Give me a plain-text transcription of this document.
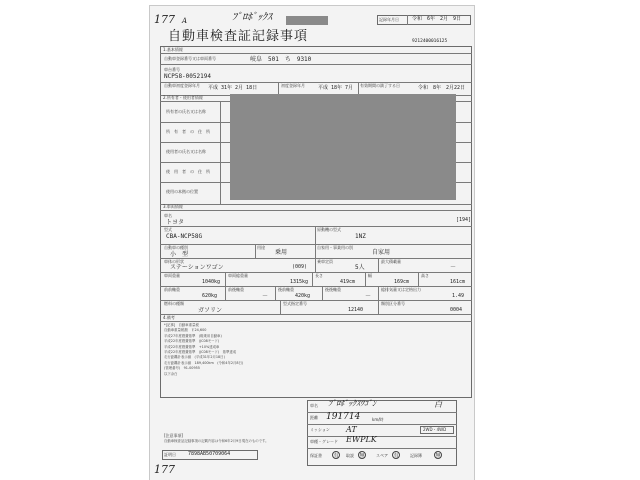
177 A	ﾌﾟﾛﾎﾞｯｸｽ	記録年月日	令和　6年　2月　9日
自動車検査証記録事項	9212400016125
1.基本情報
自動車登録番号又は車両番号	岐阜　501　ち　9310
車台番号
NCP58-0052194
自動車初度登録年月 平成 31年 2月 18日	初度登録年月	平成 18年 7月 有効期間の満了する日	令和　8年　2月22日
2.所有者・使用者情報
所有者の氏名又は名称
所　有　者　の　住　所
使用者の氏名又は名称
使　用　者　の　住　所
使用の本拠の位置
3.車両情報
車名
トヨタ	[194]
原動機の型式
1NZ
型式
CBA-NCP58G
自動車の種別
小　型
用途
乗用
自家用・事業用の別
自家用
車体の形状
ステーションワゴン	(009)
乗車定員
5人
最大積載量
－
車両重量
1040kg
車両総重量
1315kg
長さ
419cm
幅
169cm
高さ
161cm
前前軸重
620kg
前後軸重
－
後前軸重
420kg
後後軸重
－
総排気量又は定格出力
1.49
燃料の種類
ガソリン
型式指定番号
12140
類別区分番号
0004
4.備考
*[記事]　自動車重量税
自動車重量税額　￥24,600
平成27年度燃費基準　(軽乗用自動車)
平成22年度燃費基準　(JC08モード)
平成22年度燃費基準　+10%達成車
平成22年度燃費基準　(JC08モード)　基準達成
走行距離計表示値　(平成31年2月18日)
走行距離計表示値　189,400km　(令和4年2月8日)
(管理番号)　91-00955
以下余白
車名 ﾌﾟﾛﾎﾞｯｸｽﾜｺﾞﾝ	白
距離 191714	km/時
ミッション AT	2WD・4WD
車種・グレード EWPLK
保証書 有	取説 無	スペア 有	記録簿	無
[注意事項]
自動車検査証記録事項の記載内容は令和6年2月9日現在のものです。
証明日 7898AB50709064
177
